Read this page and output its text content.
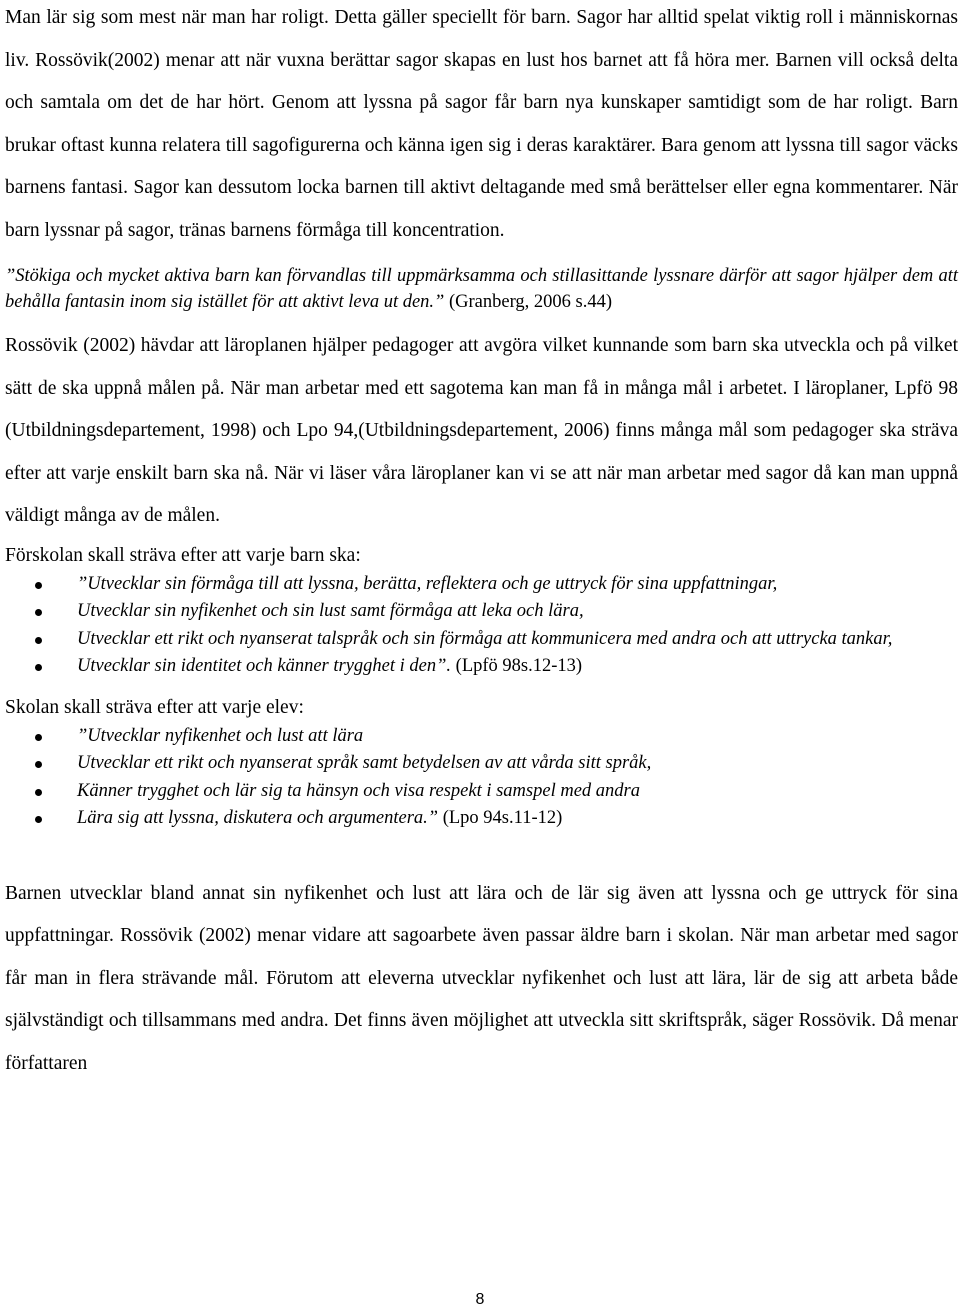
Man lär sig som mest när man har roligt. Detta gäller speciellt för barn. Sagor har alltid spelat viktig roll i människornas liv. Rossövik(2002) menar att när vuxna berättar sagor skapas en lust hos barnet att få höra mer. Barnen vill också delta och samtala om det de har hört. Genom att lyssna på sagor får barn nya kunskaper samtidigt som de har roligt. Barn brukar oftast kunna relatera till sagofigurerna och känna igen sig i deras karaktärer. Bara genom att lyssna till sagor väcks barnens fantasi. Sagor kan dessutom locka barnen till aktivt deltagande med små berättelser eller egna kommentarer. När barn lyssnar på sagor, tränas barnens förmåga till koncentration.

”Stökiga och mycket aktiva barn kan förvandlas till uppmärksamma och stillasittande lyssnare därför att sagor hjälper dem att behålla fantasin inom sig istället för att aktivt leva ut den.” (Granberg, 2006 s.44)

Rossövik (2002) hävdar att läroplanen hjälper pedagoger att avgöra vilket kunnande som barn ska utveckla och på vilket sätt de ska uppnå målen på. När man arbetar med ett sagotema kan man få in många mål i arbetet. I läroplaner, Lpfö 98 (Utbildningsdepartement, 1998) och Lpo 94,(Utbildningsdepartement, 2006) finns många mål som pedagoger ska sträva efter att varje enskilt barn ska nå. När vi läser våra läroplaner kan vi se att när man arbetar med sagor då kan man uppnå väldigt många av de målen.

Förskolan skall sträva efter att varje barn ska:

”Utvecklar sin förmåga till att lyssna, berätta, reflektera och ge uttryck för sina uppfattningar,
Utvecklar sin nyfikenhet och sin lust samt förmåga att leka och lära,
Utvecklar ett rikt och nyanserat talspråk och sin förmåga att kommunicera med andra och att uttrycka tankar,
Utvecklar sin identitet och känner trygghet i den”. (Lpfö 98s.12-13)

Skolan skall sträva efter att varje elev:

”Utvecklar nyfikenhet och lust att lära
Utvecklar ett rikt och nyanserat språk samt betydelsen av att vårda sitt språk,
Känner trygghet och lär sig ta hänsyn och visa respekt i samspel med andra
Lära sig att lyssna, diskutera och argumentera.” (Lpo 94s.11-12)

Barnen utvecklar bland annat sin nyfikenhet och lust att lära och de lär sig även att lyssna och ge uttryck för sina uppfattningar. Rossövik (2002) menar vidare att sagoarbete även passar äldre barn i skolan. När man arbetar med sagor får man in flera strävande mål. Förutom att eleverna utvecklar nyfikenhet och lust att lära, lär de sig att arbeta både självständigt och tillsammans med andra. Det finns även möjlighet att utveckla sitt skriftspråk, säger Rossövik. Då menar författaren

8
